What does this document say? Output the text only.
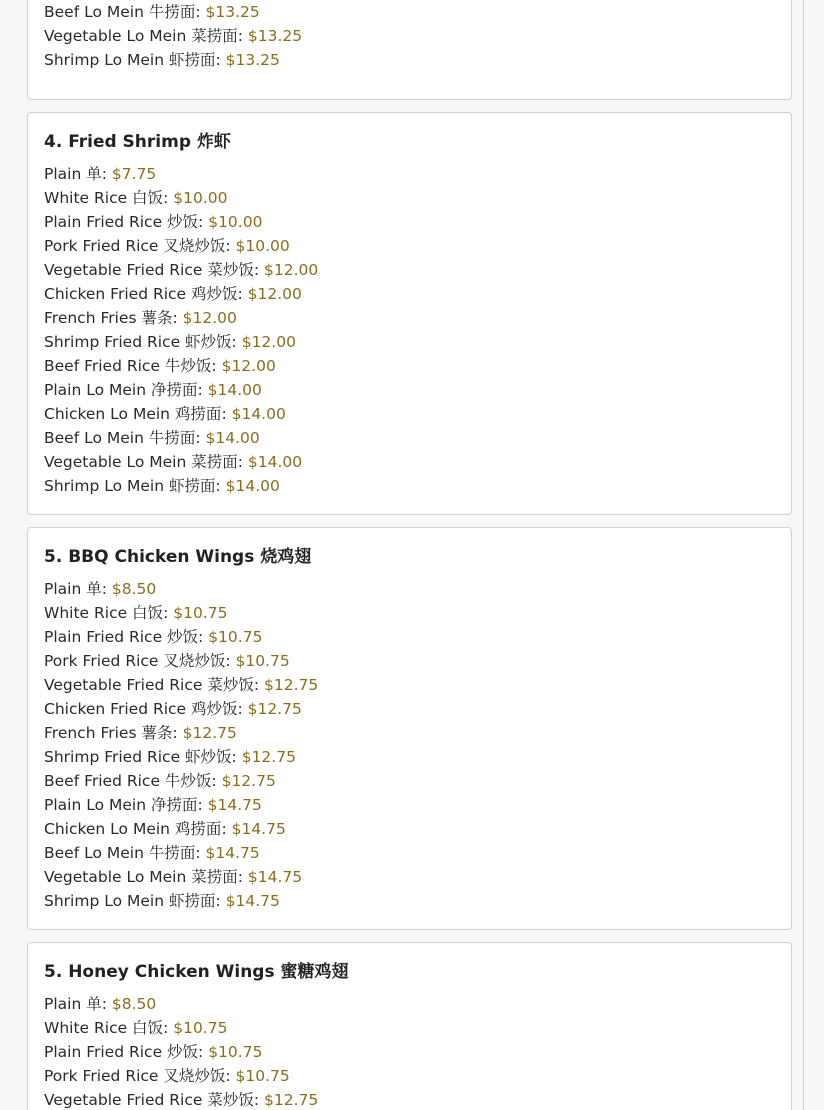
Beef Lo Mein 牛捞面: $13.25
Vegetable Lo Mein 菜捞面: $13.25
Shrimp Lo Mein 虾捞面: $13.25
4. Fried Shrimp 炸虾
Plain 单: $7.75
White Rice 白饭: $10.00
Plain Fried Rice 炒饭: $10.00
Pork Fried Rice 叉烧炒饭: $10.00
Vegetable Fried Rice 菜炒饭: $12.00
Chicken Fried Rice 鸡炒饭: $12.00
French Fries 薯条: $12.00
Shrimp Fried Rice 虾炒饭: $12.00
Beef Fried Rice 牛炒饭: $12.00
Plain Lo Mein 净捞面: $14.00
Chicken Lo Mein 鸡捞面: $14.00
Beef Lo Mein 牛捞面: $14.00
Vegetable Lo Mein 菜捞面: $14.00
Shrimp Lo Mein 虾捞面: $14.00
5. BBQ Chicken Wings 烧鸡翅
Plain 单: $8.50
White Rice 白饭: $10.75
Plain Fried Rice 炒饭: $10.75
Pork Fried Rice 叉烧炒饭: $10.75
Vegetable Fried Rice 菜炒饭: $12.75
Chicken Fried Rice 鸡炒饭: $12.75
French Fries 薯条: $12.75
Shrimp Fried Rice 虾炒饭: $12.75
Beef Fried Rice 牛炒饭: $12.75
Plain Lo Mein 净捞面: $14.75
Chicken Lo Mein 鸡捞面: $14.75
Beef Lo Mein 牛捞面: $14.75
Vegetable Lo Mein 菜捞面: $14.75
Shrimp Lo Mein 虾捞面: $14.75
5. Honey Chicken Wings 蜜糖鸡翅
Plain 单: $8.50
White Rice 白饭: $10.75
Plain Fried Rice 炒饭: $10.75
Pork Fried Rice 叉烧炒饭: $10.75
Vegetable Fried Rice 菜炒饭: $12.75
